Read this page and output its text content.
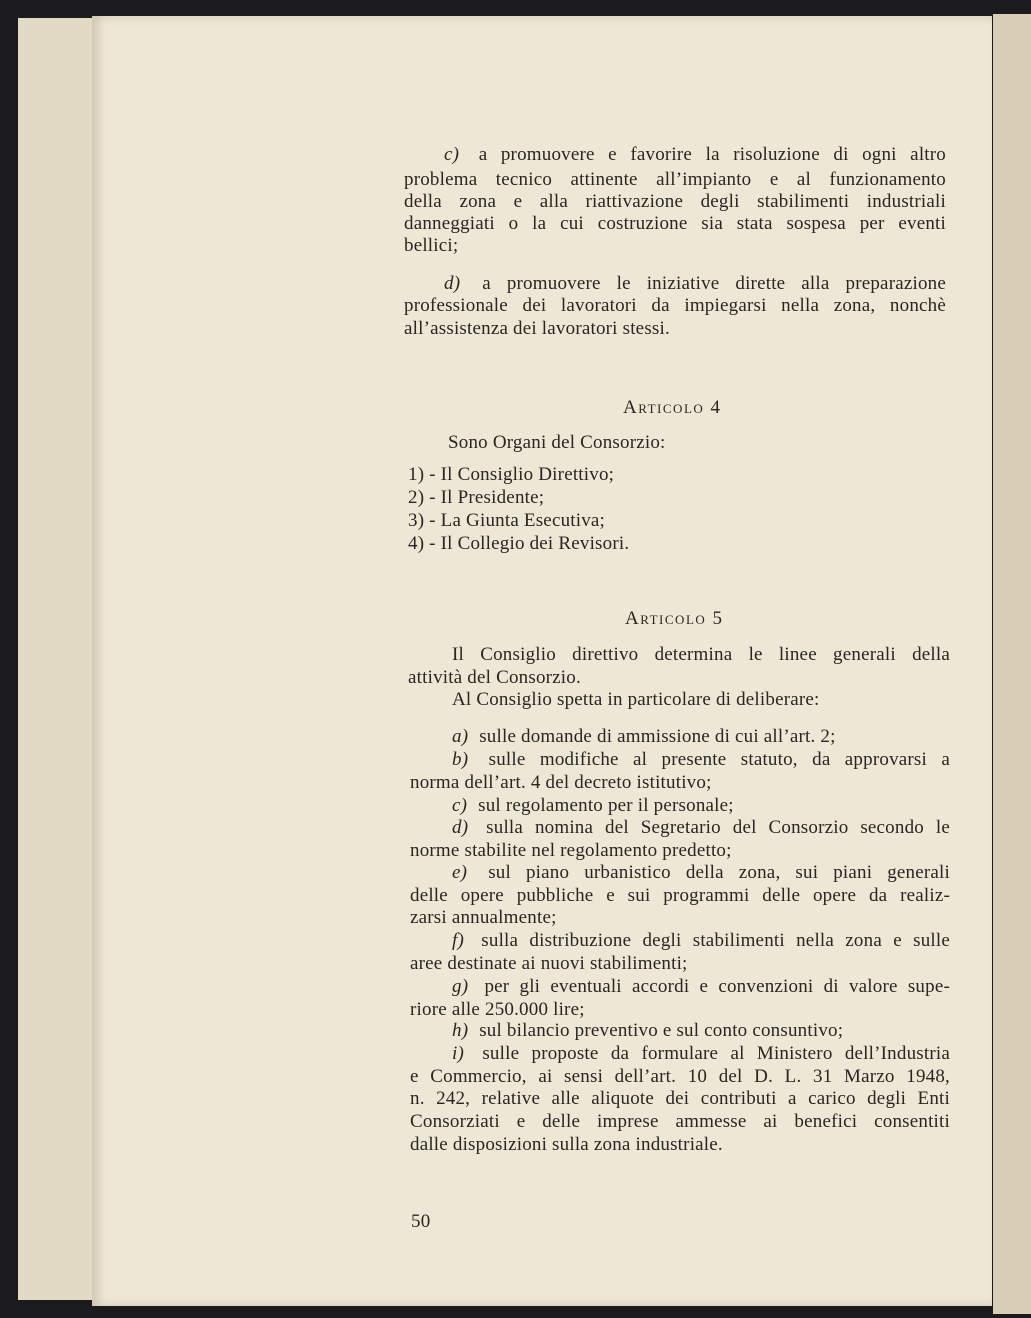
c) a promuovere e favorire la risoluzione di ogni altro
problema tecnico attinente all’impianto e al funzionamento
della zona e alla riattivazione degli stabilimenti industriali
danneggiati o la cui costruzione sia stata sospesa per eventi
bellici;
d) a promuovere le iniziative dirette alla preparazione
professionale dei lavoratori da impiegarsi nella zona, nonchè
all’assistenza dei lavoratori stessi.
Articolo 4
Sono Organi del Consorzio:
1) - Il Consiglio Direttivo;
2) - Il Presidente;
3) - La Giunta Esecutiva;
4) - Il Collegio dei Revisori.
Articolo 5
Il Consiglio direttivo determina le linee generali della
attività del Consorzio.
Al Consiglio spetta in particolare di deliberare:
a) sulle domande di ammissione di cui all’art. 2;
b) sulle modifiche al presente statuto, da approvarsi a
norma dell’art. 4 del decreto istitutivo;
c) sul regolamento per il personale;
d) sulla nomina del Segretario del Consorzio secondo le
norme stabilite nel regolamento predetto;
e) sul piano urbanistico della zona, sui piani generali
delle opere pubbliche e sui programmi delle opere da realiz-
zarsi annualmente;
f) sulla distribuzione degli stabilimenti nella zona e sulle
aree destinate ai nuovi stabilimenti;
g) per gli eventuali accordi e convenzioni di valore supe-
riore alle 250.000 lire;
h) sul bilancio preventivo e sul conto consuntivo;
i) sulle proposte da formulare al Ministero dell’Industria
e Commercio, ai sensi dell’art. 10 del D. L. 31 Marzo 1948,
n. 242, relative alle aliquote dei contributi a carico degli Enti
Consorziati e delle imprese ammesse ai benefici consentiti
dalle disposizioni sulla zona industriale.
50
